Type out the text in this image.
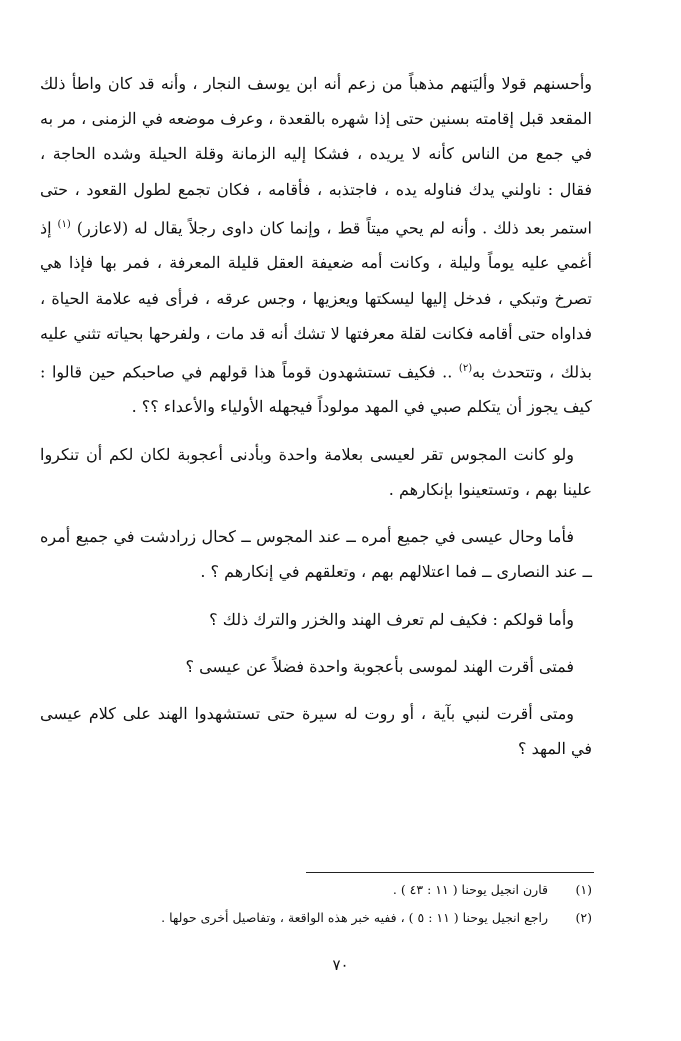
وأحسنهم قولا وأليَنهم مذهباً من زعم أنه ابن يوسف النجار ، وأنه قد كان واطأ ذلك المقعد قبل إقامته بسنين حتى إذا شهره بالقعدة ، وعرف موضعه في الزمنى ، مر به في جمع من الناس كأنه لا يريده ، فشكا إليه الزمانة وقلة الحيلة وشده الحاجة ، فقال : ناولني يدك فناوله يده ، فاجتذبه ، فأقامه ، فكان تجمع لطول القعود ، حتى استمر بعد ذلك . وأنه لم يحي ميتاً قط ، وإنما كان داوى رجلاً يقال له (لاعازر) $^{(١)}$ إذ أغمي عليه يوماً وليلة ، وكانت أمه ضعيفة العقل قليلة المعرفة ، فمر بها فإذا هي تصرخ وتبكي ، فدخل إليها ليسكتها ويعزيها ، وجس عرقه ، فرأى فيه علامة الحياة ، فداواه حتى أقامه فكانت لقلة معرفتها لا تشك أنه قد مات ، ولفرحها بحياته تثني عليه بذلك ، وتتحدث به$^{(٢)}$ .. فكيف تستشهدون قوماً هذا قولهم في صاحبكم حين قالوا : كيف يجوز أن يتكلم صبي في المهد مولوداً فيجهله الأولياء والأعداء ؟؟ .

ولو كانت المجوس تقر لعيسى بعلامة واحدة وبأدنى أعجوبة لكان لكم أن تنكروا علينا بهم ، وتستعينوا بإنكارهم .

فأما وحال عيسى في جميع أمره ــ عند المجوس ــ كحال زرادشت في جميع أمره ــ عند النصارى ــ فما اعتلالهم بهم ، وتعلقهم في إنكارهم ؟ .

وأما قولكم : فكيف لم تعرف الهند والخزر والترك ذلك ؟

فمتى أقرت الهند لموسى بأعجوبة واحدة فضلاً عن عيسى ؟

ومتى أقرت لنبي بآية ، أو روت له سيرة حتى تستشهدوا الهند على كلام عيسى في المهد ؟

(١)
قارن انجيل يوحنا ( ١١ : ٤٣ ) .
(٢)
راجع انجيل يوحنا ( ١١ : ٥ ) ، ففيه خبر هذه الواقعة ، وتفاصيل أخرى حولها .
٧٠
